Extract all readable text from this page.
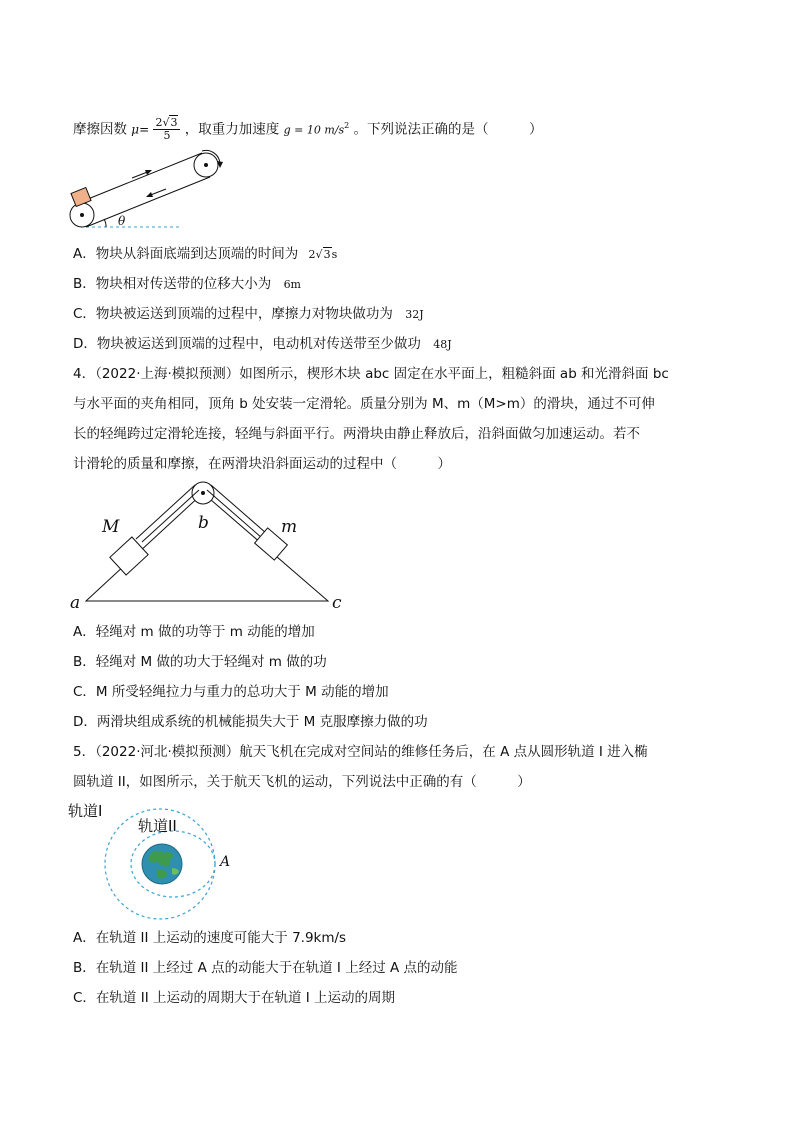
摩擦因数 $\mu= \frac{2√3}{5}$ ，取重力加速度 g = 10 $m/s^2$ 。下列说法正确的是（　　　）
θ
A．物块从斜面底端到达顶端的时间为 2√3s
B．物块相对传送带的位移大小为 6m
C．物块被运送到顶端的过程中，摩擦力对物块做功为 32J
D．物块被运送到顶端的过程中，电动机对传送带至少做功 48J
4．（2022·上海·模拟预测）如图所示，楔形木块 abc 固定在水平面上，粗糙斜面 ab 和光滑斜面 bc
与水平面的夹角相同，顶角 b 处安装一定滑轮。质量分别为 M、m（M>m）的滑块，通过不可伸
长的轻绳跨过定滑轮连接，轻绳与斜面平行。两滑块由静止释放后，沿斜面做匀加速运动。若不
计滑轮的质量和摩擦，在两滑块沿斜面运动的过程中（　　　）
M	b	m
a	c
A．轻绳对 m 做的功等于 m 动能的增加
B．轻绳对 M 做的功大于轻绳对 m 做的功
C．M 所受轻绳拉力与重力的总功大于 M 动能的增加
D．两滑块组成系统的机械能损失大于 M 克服摩擦力做的功
5．（2022·河北·模拟预测）航天飞机在完成对空间站的维修任务后，在 A 点从圆形轨道 I 进入椭
圆轨道 II，如图所示，关于航天飞机的运动，下列说法中正确的有（　　　）
轨道I
轨道II
A
A．在轨道 II 上运动的速度可能大于 7.9km/s
B．在轨道 II 上经过 A 点的动能大于在轨道 I 上经过 A 点的动能
C．在轨道 II 上运动的周期大于在轨道 I 上运动的周期
